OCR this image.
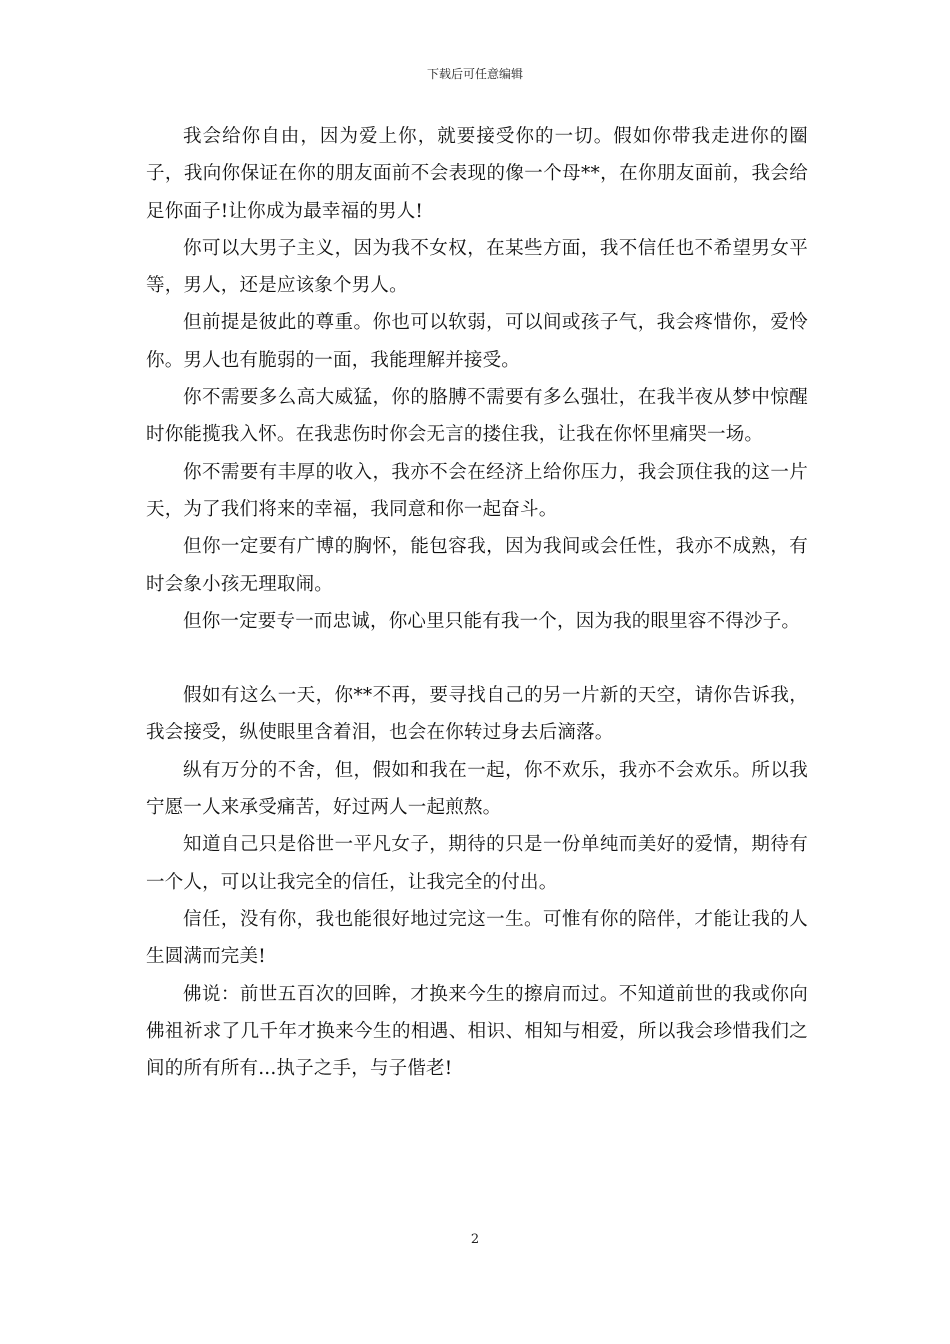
下载后可任意编辑

我会给你自由，因为爱上你，就要接受你的一切。假如你带我走进你的圈子，我向你保证在你的朋友面前不会表现的像一个母**，在你朋友面前，我会给足你面子!让你成为最幸福的男人!

你可以大男子主义，因为我不女权，在某些方面，我不信任也不希望男女平等，男人，还是应该象个男人。

但前提是彼此的尊重。你也可以软弱，可以间或孩子气，我会疼惜你，爱怜你。男人也有脆弱的一面，我能理解并接受。

你不需要多么高大威猛，你的胳膊不需要有多么强壮，在我半夜从梦中惊醒时你能揽我入怀。在我悲伤时你会无言的搂住我，让我在你怀里痛哭一场。

你不需要有丰厚的收入，我亦不会在经济上给你压力，我会顶住我的这一片天，为了我们将来的幸福，我同意和你一起奋斗。

但你一定要有广博的胸怀，能包容我，因为我间或会任性，我亦不成熟，有时会象小孩无理取闹。

但你一定要专一而忠诚，你心里只能有我一个，因为我的眼里容不得沙子。

假如有这么一天，你**不再，要寻找自己的另一片新的天空，请你告诉我，我会接受，纵使眼里含着泪，也会在你转过身去后滴落。

纵有万分的不舍，但，假如和我在一起，你不欢乐，我亦不会欢乐。所以我宁愿一人来承受痛苦，好过两人一起煎熬。

知道自己只是俗世一平凡女子，期待的只是一份单纯而美好的爱情，期待有一个人，可以让我完全的信任，让我完全的付出。

信任，没有你，我也能很好地过完这一生。可惟有你的陪伴，才能让我的人生圆满而完美!

佛说：前世五百次的回眸，才换来今生的擦肩而过。不知道前世的我或你向佛祖祈求了几千年才换来今生的相遇、相识、相知与相爱，所以我会珍惜我们之间的所有所有...执子之手，与子偕老!

2
